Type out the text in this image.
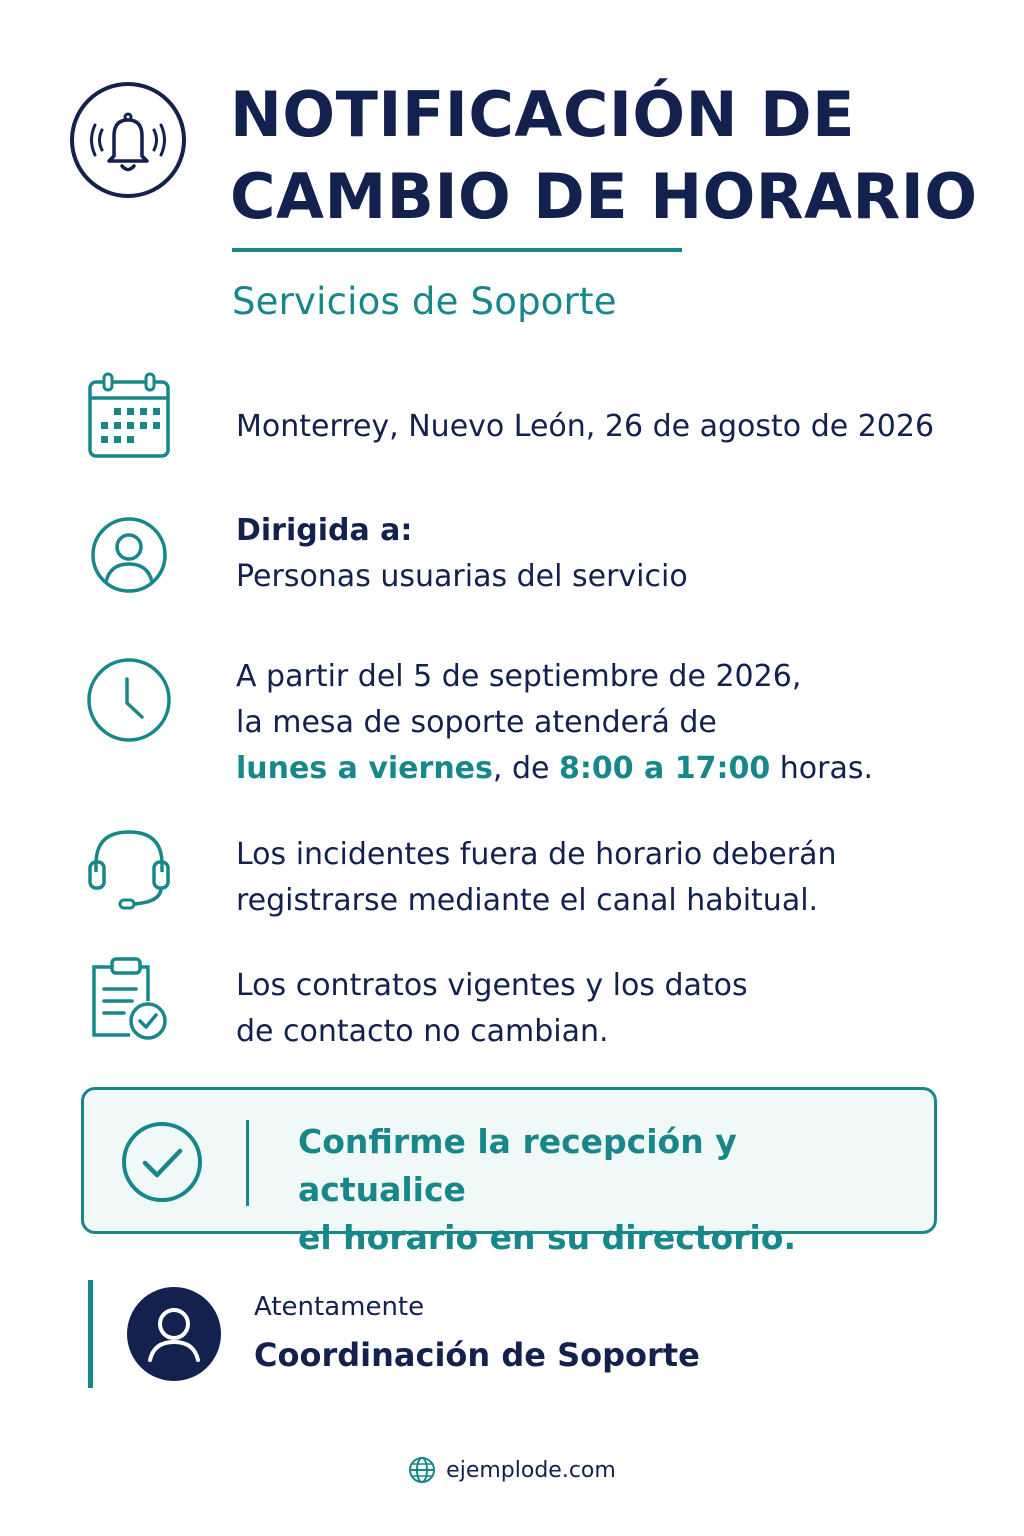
NOTIFICACIÓN DE
CAMBIO DE HORARIO
Servicios de Soporte
Monterrey, Nuevo León, 26 de agosto de 2026
Dirigida a:
Personas usuarias del servicio
A partir del 5 de septiembre de 2026,
la mesa de soporte atenderá de
lunes a viernes, de 8:00 a 17:00 horas.
Los incidentes fuera de horario deberán
registrarse mediante el canal habitual.
Los contratos vigentes y los datos
de contacto no cambian.
Confirme la recepción y actualice
el horario en su directorio.
Atentamente
Coordinación de Soporte
ejemplode.com
